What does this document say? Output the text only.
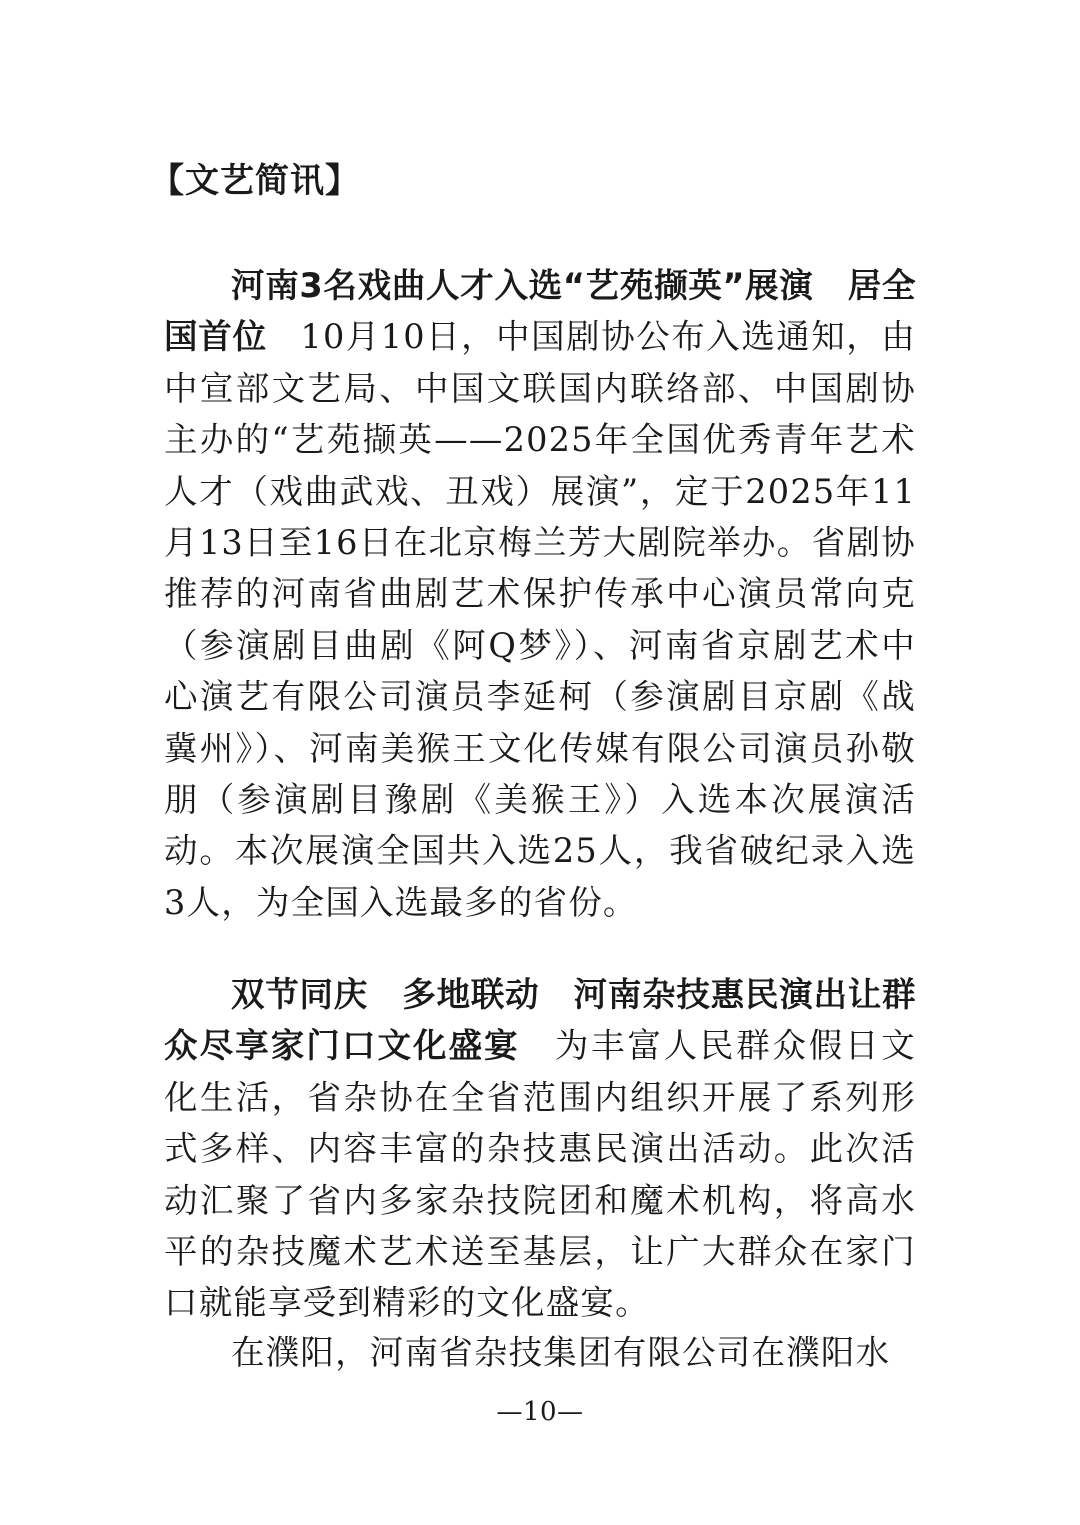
【文艺简讯】

河南3名戏曲人才入选“艺苑撷英”展演　居全国首位 10月10日，中国剧协公布入选通知，由中宣部文艺局、中国文联国内联络部、中国剧协主办的“艺苑撷英——2025年全国优秀青年艺术人才（戏曲武戏、丑戏）展演”，定于2025年11月13日至16日在北京梅兰芳大剧院举办。省剧协推荐的河南省曲剧艺术保护传承中心演员常向克（参演剧目曲剧《阿Q梦》）、河南省京剧艺术中心演艺有限公司演员李延柯（参演剧目京剧《战冀州》）、河南美猴王文化传媒有限公司演员孙敬朋（参演剧目豫剧《美猴王》）入选本次展演活动。本次展演全国共入选25人，我省破纪录入选3人，为全国入选最多的省份。

双节同庆　多地联动　河南杂技惠民演出让群众尽享家门口文化盛宴 为丰富人民群众假日文化生活，省杂协在全省范围内组织开展了系列形式多样、内容丰富的杂技惠民演出活动。此次活动汇聚了省内多家杂技院团和魔术机构，将高水平的杂技魔术艺术送至基层，让广大群众在家门口就能享受到精彩的文化盛宴。

在濮阳，河南省杂技集团有限公司在濮阳水

—10—
